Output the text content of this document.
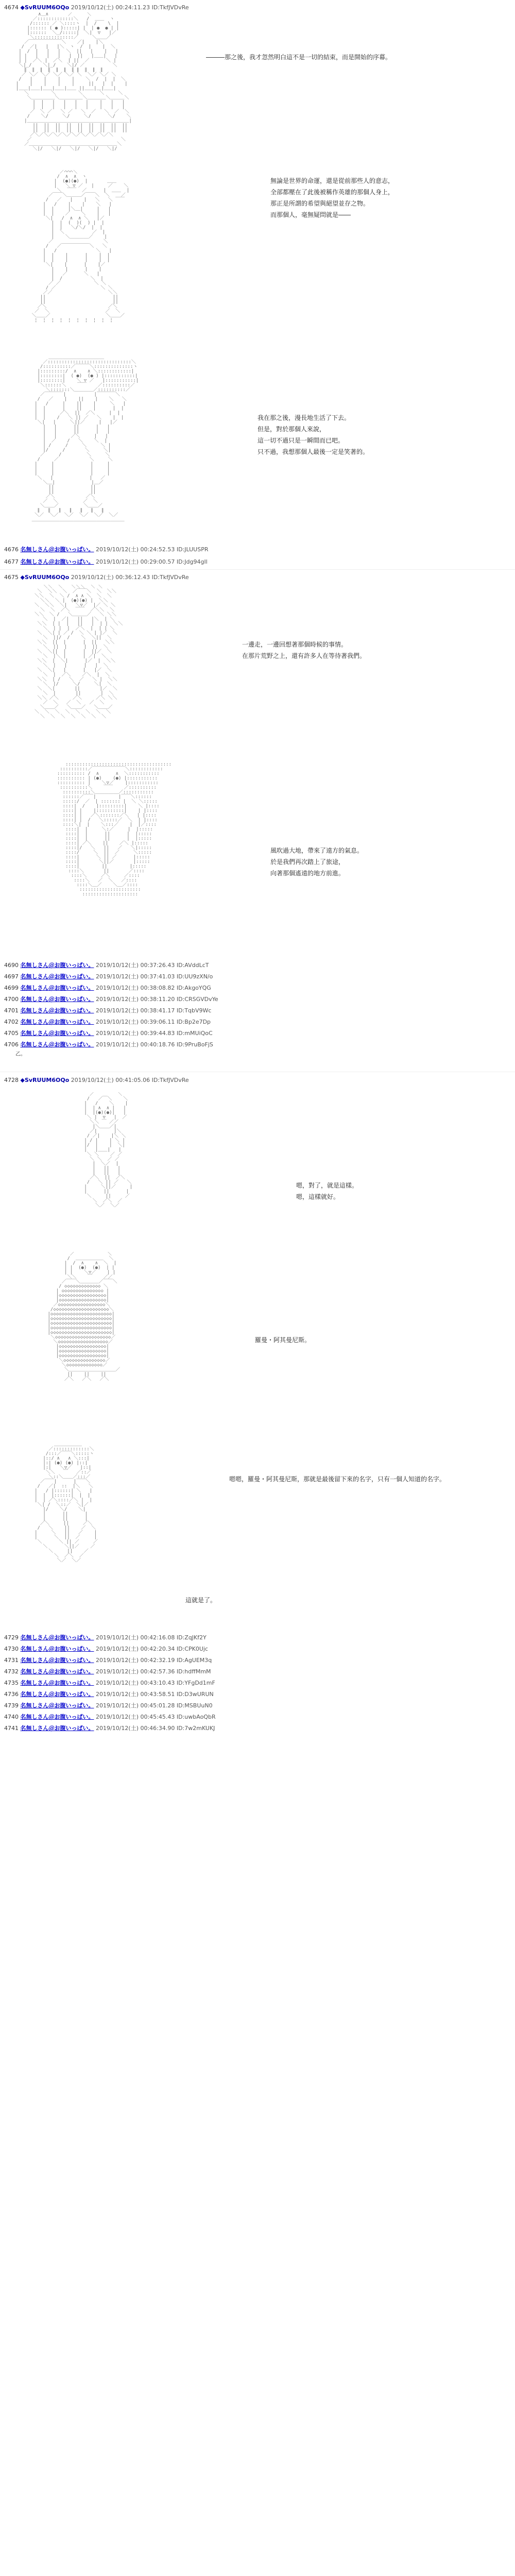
4674 ◆SvRUUM6OQo 2019/10/12(土) 00:24:11.23 ID:TkfJVDvRe
∧＿∧       ／￣￣￣＼
／:::::::::::::＼   /  ＿＿  ヽ
/:::::: ／ ＼::::ヽ  |  /    \  |
|:::::: ( ● ):::::| |  | ●  ● | |
|::::::  ＼_/:::::|  ＼|  ▽   |／
＼::::::::::::::／     ＼＿＿／
／￣￣￣￣￣￣￣＼    ／|    |＼
/  ／|   |   |＼  ヽ  /  |    |  ＼
|  /  |   |   |  ＼  ||   |    |   |
| |   |   |   |   |  ||   |＿＿|   |
| |  ／＼ |  ／＼  | ||  ／      ＼ |
＼|_/    ＼|_/    ＼|/ ／          ＼
∥  ∥  ∥  ∥  ∥  ∥  ∥ ∥  ∥  ∥  ∥
／ ＼／ ＼／ ＼／ ＼／ ＼  ＼／ ＼／ ＼
/   |    |    |    |    ＼  /  |  |  ＼
|    |    |    |    |     ||   |  |    |
|＿＿|＿＿|＿＿|＿＿|＿＿ ||＿＿|＿|＿＿|
＼        ＼        ＼      ＼     ＼
＼＿＿＿＿＿＼＿＿＿＿＿＼＿＿＿＿＼＿＿＿＼
|  |   |   |   |   |    |   |   |
|  |   |   |   |   |    |   |   |
／  ＼ ／   ＼ ／   ＼  ／   ＼  ／  ＼
/    ＼/     ＼/     ＼/      ＼/    ＼
|＿＿＿＿＿＿＿＿＿＿＿＿＿＿＿＿＿＿＿＿＿＿|
||  ||  ||  ||  ||  ||  ||  ||  ||
||  ||  ||  ||  ||  ||  ||  ||  ||
／＼／＼／＼／＼／＼／＼／＼／＼／＼
／                                ＼
／＿＿＿＿＿＿＿＿＿＿＿＿＿＿＿＿＿＿＿＼
＼|/   ＼|/   ＼|/   ＼|/   ＼|/
―――那之後，我才忽然明白這不是一切的結束，而是開始的序幕。
／⌒⌒⌒＼
/  ∧  ∧  ヽ
|  (●)(●)  |       ＿＿
|   ＼ ▽ ／   |     ／    ＼
＼  ￣￣  ／      |  ＿＿  |
／￣￣＼＿＿＿／￣￣＼  ＼    ／
/   ／   |    |   ＼   ＼ ￣￣
|   /    |    |    ＼   |
|  |     |＼＿|     |   |
|  |    ／    ＼    |   |
＼|   /  ∧  ∧ ＼   |／
|  |  (  )(  ) |  |
|  |   ＼/＼/  |  |
|  ＼          ／  |
|    ＼＿＿＿＿／    |
／                  ＼
/   ／￣￣￣￣￣￣＼   ＼
|   /              ＼   |
|  |    |      |    |  |
|  |    |      |    |  |
＼|    |      |    |／
|    |      |    |
|   ／      ＼   |
|  /          ＼  |
／ ／            ＼ ＼
/ ／                ＼ ＼
／／                    ＼＼
||                        ||
||                        ||
／＼                      ／＼
／  ＼                    ／  ＼
＼＿＿／                    ＼＿＿／
¦  ¦  ¦  ¦  ¦  ¦  ¦  ¦  ¦  ¦
無論是世界的命運，還是從前那些人的意志，
全部都壓在了此後被稱作英雄的那個人身上，
那正是所謂的希望與絕望並存之物。
而那個人，毫無疑問就是――
＿＿＿＿＿＿＿＿＿＿＿＿
／::::::::::::::::::::::::::::::＼
/::::::::::／￣￣￣＼::::::::::::::ヽ
|:::::::::/  ∧    ∧ ＼::::::::::::|
|::::::::|  ( ●)  (● ) |:::::::::::|
|::::::::|    ＼ ▽ ／   |:::::::::::|
＼::::::＼    ￣￣    ／::::::::::／
＼:::::::＼＿＿＿＿／::::::::::／
／￣￣￣￣|          |￣￣￣￣＼
/   ／    |    ||    |    ＼   ＼
|   /     |    ||    |     ＼   |
|  |      |    ||    |      |  |
|  |     ／＼  ||  ／＼     |  |
|  |    /   ＼ || ／   ＼    |  |
＼|   |     ＼||／     |   |／
|   |      ||      |   |
|   |      ||      |   |
|   |     ／＼     |   |
|  ／    /   ＼    ＼  |
| /     /     ＼     ＼ |
|/     /       ＼     ＼|
／     /         ＼     ＼
/     ／           ＼     ＼
|     |             |     |
|     |             |     |
|     |             |     |
＼   |             |   ／
＼＿|             |＿／
||             ||
||             ||
／＼           ／＼
／  ＼         ／  ＼
＼＿＿／         ＼＿＿／
∥   ∥   ∥   ∥   ∥   ∥   ∥
＼／  ＼／  ＼／  ＼／  ＼／  ＼／
＿＿＿＿＿＿＿＿＿＿＿＿＿＿＿＿＿＿＿＿
我在那之後，漫長地生活了下去。
但是，對於那個人來說，
這一切不過只是一瞬間而已吧。
只不過，我想那個人最後一定是笑著的。
4676 名無しさん＠お腹いっぱい。 2019/10/12(土) 00:24:52.53 ID:JLUUSPR
4677 名無しさん＠お腹いっぱい。 2019/10/12(土) 00:29:00.57 ID:Jdg94gIl
4675 ◆SvRUUM6OQo 2019/10/12(土) 00:36:12.43 ID:TkfJVDvRe
＼＼  ＼   ＼＼＼  ＼ ＼
＼  ＼＼  ＼  ／￣￣＼  ＼  ＼＼
＼＼  ＼  ＼ /  ∧ ∧ ＼  ＼  ＼
＼＼  ＼ |  (●)(●) |  ＼＼
＼  ＼＼  ＼|   ＼▽／  |／ ＼ ＼
＼  ＼  ／＼  ￣￣  ／＼＼  ＼
＼＼  ＼ /   ＼＿＿＿／   ＼ ＼＼
＼  |  ／|   ||   |＼  | ＼
＼＼  | |  |   ||   |  | |  ＼＼
＼  | |  |  ／＼  |  | | ＼
＼  ＼| | ／ /  ＼ ＼ | |／  ＼
＼  ||/  /    ＼  ＼||  ＼
＼＼  ||  |      |  ||   ＼＼
＼  ||  |      |  ||  ＼
＼  ＼||  |      |  ||／  ＼
＼  |＼ |      | ／|  ＼
＼＼  |  ＼|      |／  |  ＼＼
＼  |   |      |   |  ＼
＼  ＼|   |      |   |／  ＼
＼  |  ／＼    ／＼  |  ＼
＼＼  | /   ＼  ／   ＼ |  ＼＼
＼  |/     ＼/     ＼|  ＼
＼  ＼|       ||       |／  ＼
＼  |       ||       |  ＼
＼＼ ／＼     ／＼     ／＼ ＼＼
／  ＼   ／  ＼   ／  ＼
＼＿＿／   ＼＿＿／   ＼＿＿／
＼  ＼  ＼  ＼  ＼  ＼  ＼  ＼
＼  ＼  ＼  ＼  ＼  ＼  ＼
一邊走，一邊回想著那個時候的事情。
在那片荒野之上，還有許多人在等待著我們。
::::::::::::::::::::::::::::::::::::::
::::::::::／￣￣￣￣￣￣￣＼::::::::::::
:::::::::: /  ∧      ∧  ＼:::::::::::
:::::::::: | (●)    (●) |:::::::::::
:::::::::: |    ＼▽／    |:::::::::::
::::::::::＼    ￣￣    ／::::::::::
::::::::::＼＿＿＿＿＿／:::::::::::
::::::／￣￣|        |￣￣＼::::::
:::::/  ／  | ::::::: |  ＼ ＼:::::
::::|  /    |:::::::::|    ＼ |::::
::::| |    |::::::::::|    | |::::
::::| |   ／＼:::::::／＼   | |::::
::::| |  /   ＼:::::／  ＼  | |::::
::::＼|  |    ＼:::／    |  |／::::
::::|  |     ＼:／     |  |:::::
::::|  |      ||      |  |:::::
::::|  |      ||      |  |:::::
::::| ／＼    ||    ／＼ |:::::
::::|/   ＼   ||   ／   ＼|:::::
::::/     ＼  ||  ／     ＼:::::
::::|      ＼ || ／      |:::::
::::|       ＼||／       |:::::
::::|        ||        |:::::
::::＼       ||       ／::::
::::＼     ／＼     ／::::
::::＼   ／  ＼   ／::::
::::＼＿／    ＼＿／::::
::::::::::::::::::::::
::::::::::::::::::::
風吹過大地，帶來了遠方的氣息。
於是我們再次踏上了旅途，
向著那個遙遠的地方前進。
4690 名無しさん＠お腹いっぱい。 2019/10/12(土) 00:37:26.43 ID:AVddLcT
4697 名無しさん＠お腹いっぱい。 2019/10/12(土) 00:37:41.03 ID:UU9zXN/o
4699 名無しさん＠お腹いっぱい。 2019/10/12(土) 00:38:08.82 ID:AkgoYQG
4700 名無しさん＠お腹いっぱい。 2019/10/12(土) 00:38:11.20 ID:CRSGVDvYe
4701 名無しさん＠お腹いっぱい。 2019/10/12(土) 00:38:41.17 ID:TqbV9Wc
4702 名無しさん＠お腹いっぱい。 2019/10/12(土) 00:39:06.11 ID:Bp2e7Dp
4705 名無しさん＠お腹いっぱい。 2019/10/12(土) 00:39:44.83 ID:mMUiQoC
4706 名無しさん＠お腹いっぱい。 2019/10/12(土) 00:40:18.76 ID:9PruBoFjS
乙。
4728 ◆SvRUUM6OQo 2019/10/12(土) 00:41:05.06 ID:TkfJVDvRe
／￣￣￣￣￣＼
/   ／￣＼    ＼
|   /    ＼    |
|  | ∧  ∧ |   |
|  |(●)(●)|   |
＼ |  ▽   |  ／
＼＼ ￣ ／／
|＼＿＿／|
／|      |＼
/ ／|    |＼ ＼
| / |    | ＼ |
|/  |    |  ＼|
|   |＿＿|   |
＼ ＼    ／ ／
＼ ＼  ／ ／
|  ＼／  |
|   ||   |
|   ||   |
／＼  ||  ／＼
/   ＼ || ／   ＼
|     ＼||／     |
|      ||      |
＼     ||     ／
＼  ／＼  ／
＼／  ＼／
嗯，對了，就是這樣。
嗯，這樣就好。
／￣￣￣￣￣￣￣＼
/  ＿＿＿＿＿＿  ＼
|  /  ∧    ∧  ＼  |
| |  (●)  (●)  | |
| |    ＼▽／    | |
＼＼    ￣    ／／
／￣￣＼＿＿＿＿／￣￣＼
/ ◇◇◇◇◇◇◇◇◇◇◇◇◇ ＼
| ◇◇◇◇◇◇◇◇◇◇◇◇◇◇◇ |
|◇◇◇◇◇◇◇◇◇◇◇◇◇◇◇◇◇|
|◇◇◇◇◇◇◇◇◇◇◇◇◇◇◇◇◇|
／◇◇◇◇◇◇◇◇◇◇◇◇◇◇◇◇◇＼
/◇◇◇◇◇◇◇◇◇◇◇◇◇◇◇◇◇◇◇◇＼
|◇◇◇◇◇◇◇◇◇◇◇◇◇◇◇◇◇◇◇◇◇◇|
|◇◇◇◇◇◇◇◇◇◇◇◇◇◇◇◇◇◇◇◇◇◇|
|◇◇◇◇◇◇◇◇◇◇◇◇◇◇◇◇◇◇◇◇◇◇|
|◇◇◇◇◇◇◇◇◇◇◇◇◇◇◇◇◇◇◇◇◇◇|
|◇◇◇◇◇◇◇◇◇◇◇◇◇◇◇◇◇◇◇◇◇◇|
＼◇◇◇◇◇◇◇◇◇◇◇◇◇◇◇◇◇◇◇◇／
＼◇◇◇◇◇◇◇◇◇◇◇◇◇◇◇◇◇◇／
|◇◇◇◇◇◇◇◇◇◇◇◇◇◇◇◇◇|
|◇◇◇◇◇◇◇◇◇◇◇◇◇◇◇◇◇|
|◇◇◇◇◇◇◇◇◇◇◇◇◇◇◇◇◇|
＼◇◇◇◇◇◇◇◇◇◇◇◇◇◇◇／
＼◇◇◇◇◇◇◇◇◇◇◇◇◇／
＼＿＿＿＿＿＿＿＿＿＿／
||    ||    ||
／＼   ／＼   ／＼
羅曼・阿其曼尼斯。
＿＿＿＿＿＿
／:::::::::::::＼
/:::／￣￣＼:::::ヽ
|::/ ∧   ∧ ＼:::|
|:| (●) (●) |::|
|:|   ＼▽／   |::|
＼＼   ￣   ／::／
＼::＼＿＿／:::／
／￣￣|      |￣￣＼
/   ／|  ::  |＼   ＼
|   / |::::::| ＼   |
|  |  |::::::|  |  |
|  | ／＼::::／＼ |  |
＼| /  ＼::／  ＼|／
|/    ＼/    ＼|
|      ||      |
|      ||      |
／＼     ||     ／＼
/   ＼    ||    ／  ＼
|     ＼   ||   ／    |
|      ＼  ||  ／     |
＼      ＼ || ／     ／
＼      ＼||／    ／
＼     ||    ／
＼  ／＼  ／
＼／  ＼／
嗯嗯，羅曼・阿其曼尼斯，那就是最後留下來的名字，只有一個人知道的名字。
這就是了。
4729 名無しさん＠お腹いっぱい。 2019/10/12(土) 00:42:16.08 ID:ZqJKf2Y
4730 名無しさん＠お腹いっぱい。 2019/10/12(土) 00:42:20.34 ID:CPK0Ujc
4731 名無しさん＠お腹いっぱい。 2019/10/12(土) 00:42:32.19 ID:AgUEM3q
4732 名無しさん＠お腹いっぱい。 2019/10/12(土) 00:42:57.36 ID:hdffMmM
4735 名無しさん＠お腹いっぱい。 2019/10/12(土) 00:43:10.43 ID:YFgDd1mF
4736 名無しさん＠お腹いっぱい。 2019/10/12(土) 00:43:58.51 ID:D3wURUN
4739 名無しさん＠お腹いっぱい。 2019/10/12(土) 00:45:01.28 ID:MSBUuN0
4740 名無しさん＠お腹いっぱい。 2019/10/12(土) 00:45:45.43 ID:uwbAoQbR
4741 名無しさん＠お腹いっぱい。 2019/10/12(土) 00:46:34.90 ID:7w2mKUKJ
